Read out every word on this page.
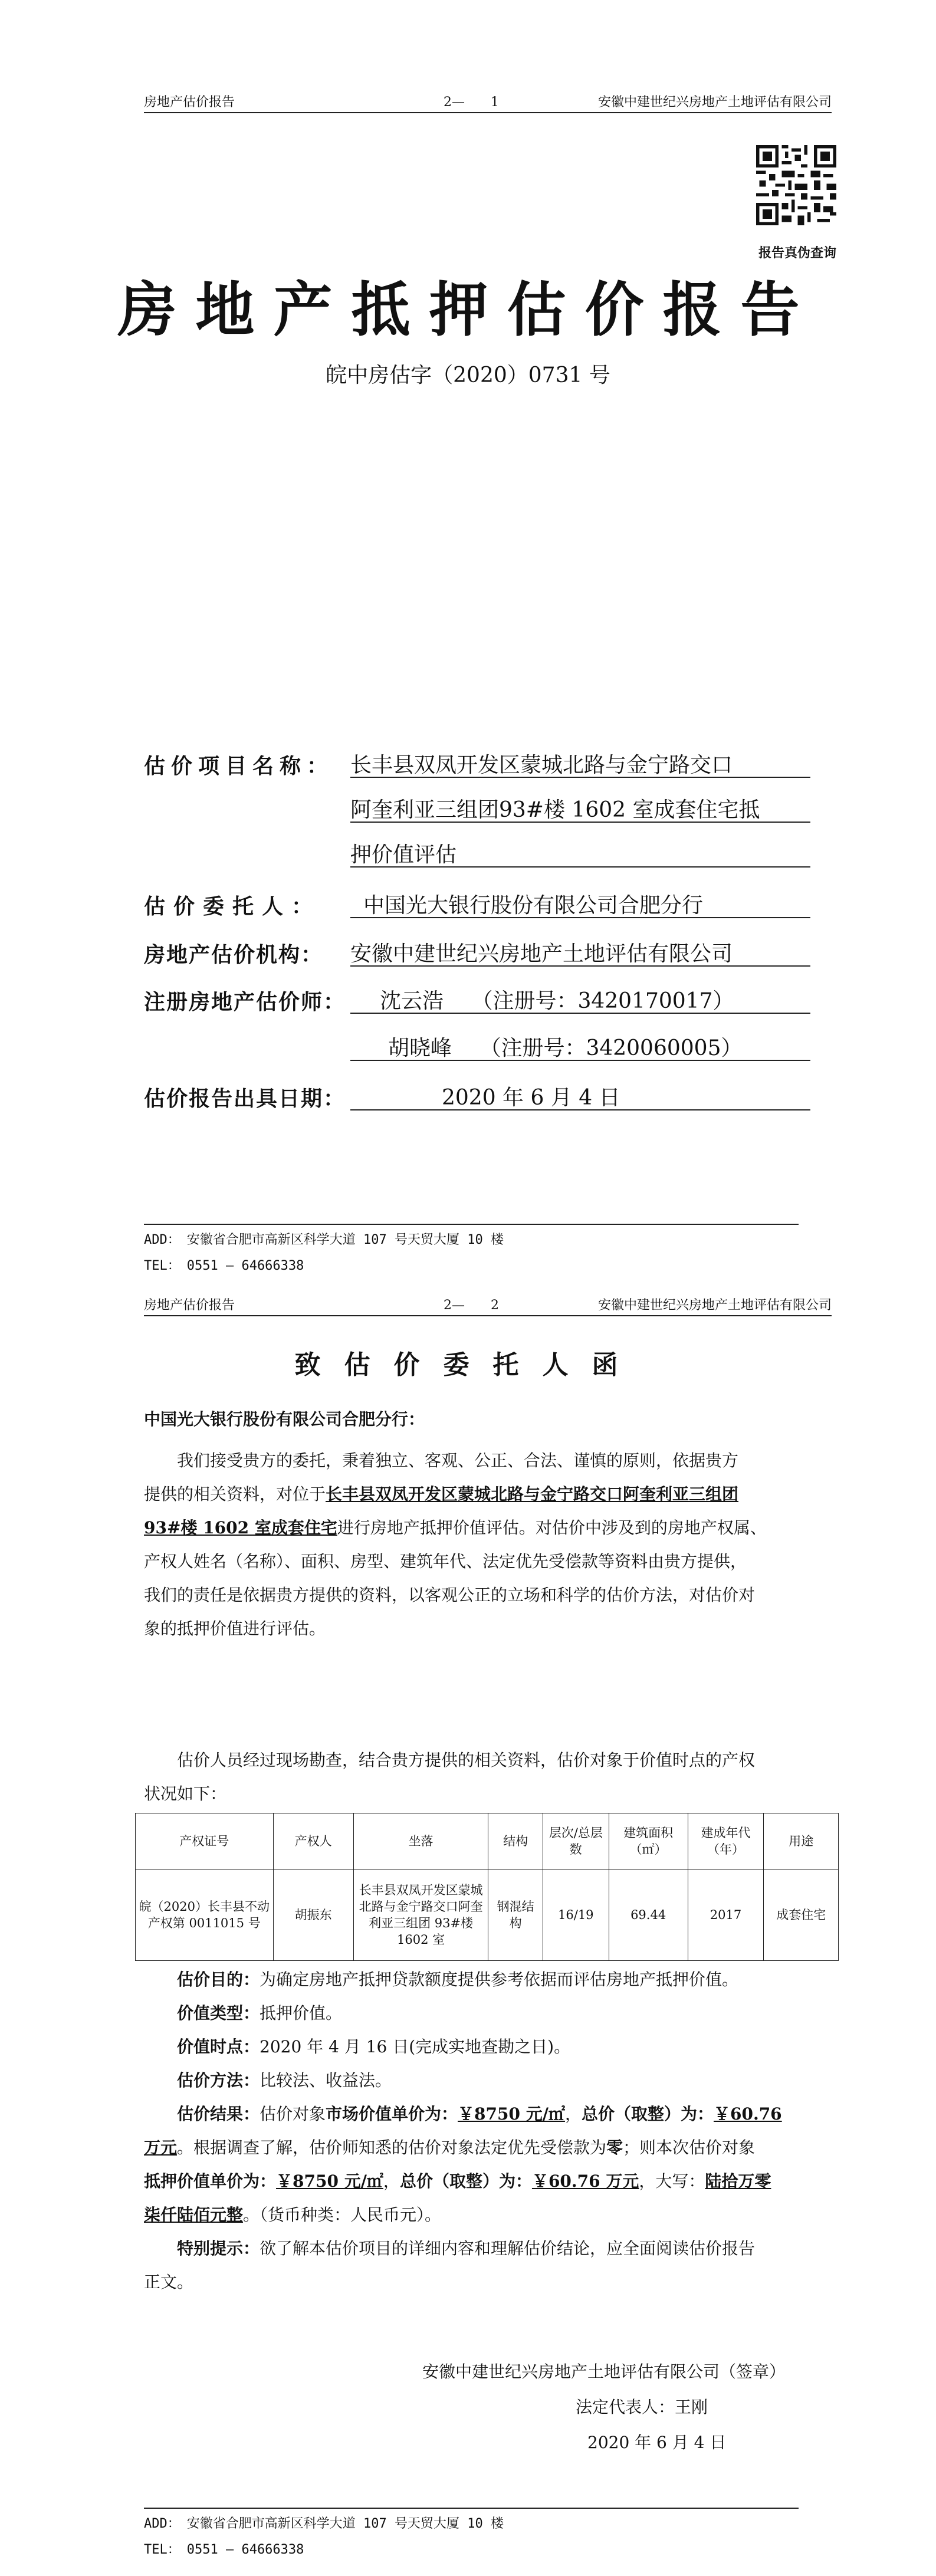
房地产估价报告	2—　　1	安徽中建世纪兴房地产土地评估有限公司
报告真伪查询
房地产抵押估价报告
皖中房估字（2020）0731 号
估价项目名称： 长丰县双凤开发区蒙城北路与金宁路交口
阿奎利亚三组团93#楼 1602 室成套住宅抵
押价值评估
估价委托人：	中国光大银行股份有限公司合肥分行
房地产估价机构： 安徽中建世纪兴房地产土地评估有限公司
注册房地产估价师：	沈云浩　 （注册号：3420170017）
胡晓峰　 （注册号：3420060005）
估价报告出具日期：	2020 年 6 月 4 日
ADD：　安徽省合肥市高新区科学大道 107 号天贸大厦 10 楼
TEL：　0551 — 64666338
房地产估价报告	2—　　2	安徽中建世纪兴房地产土地评估有限公司
致估价委托人函
中国光大银行股份有限公司合肥分行：
我们接受贵方的委托，秉着独立、客观、公正、合法、谨慎的原则，依据贵方
提供的相关资料，对位于长丰县双凤开发区蒙城北路与金宁路交口阿奎利亚三组团
93#楼 1602 室成套住宅进行房地产抵押价值评估。对估价中涉及到的房地产权属、
产权人姓名（名称）、面积、房型、建筑年代、法定优先受偿款等资料由贵方提供，
我们的责任是依据贵方提供的资料，以客观公正的立场和科学的估价方法，对估价对
象的抵押价值进行评估。
估价人员经过现场勘查，结合贵方提供的相关资料，估价对象于价值时点的产权
状况如下：
产权证号	产权人	坐落	结构	层次/总层数	建筑面积（㎡）	建成年代（年）	用途
皖（2020）长丰县不动产权第 0011015 号	胡振东	长丰县双凤开发区蒙城北路与金宁路交口阿奎利亚三组团 93#楼 1602 室	钢混结构	16/19	69.44	2017	成套住宅
估价目的：为确定房地产抵押贷款额度提供参考依据而评估房地产抵押价值。
价值类型：抵押价值。
价值时点：2020 年 4 月 16 日(完成实地查勘之日)。
估价方法：比较法、收益法。
估价结果：估价对象市场价值单价为：￥8750 元/㎡，总价（取整）为：￥60.76
万元。根据调查了解，估价师知悉的估价对象法定优先受偿款为零；则本次估价对象
抵押价值单价为：￥8750 元/㎡，总价（取整）为：￥60.76 万元，大写：陆拾万零
柒仟陆佰元整。（货币种类：人民币元）。
特别提示：欲了解本估价项目的详细内容和理解估价结论，应全面阅读估价报告
正文。
安徽中建世纪兴房地产土地评估有限公司（签章）
法定代表人：王刚
2020 年 6 月 4 日
ADD：　安徽省合肥市高新区科学大道 107 号天贸大厦 10 楼
TEL：　0551 — 64666338
